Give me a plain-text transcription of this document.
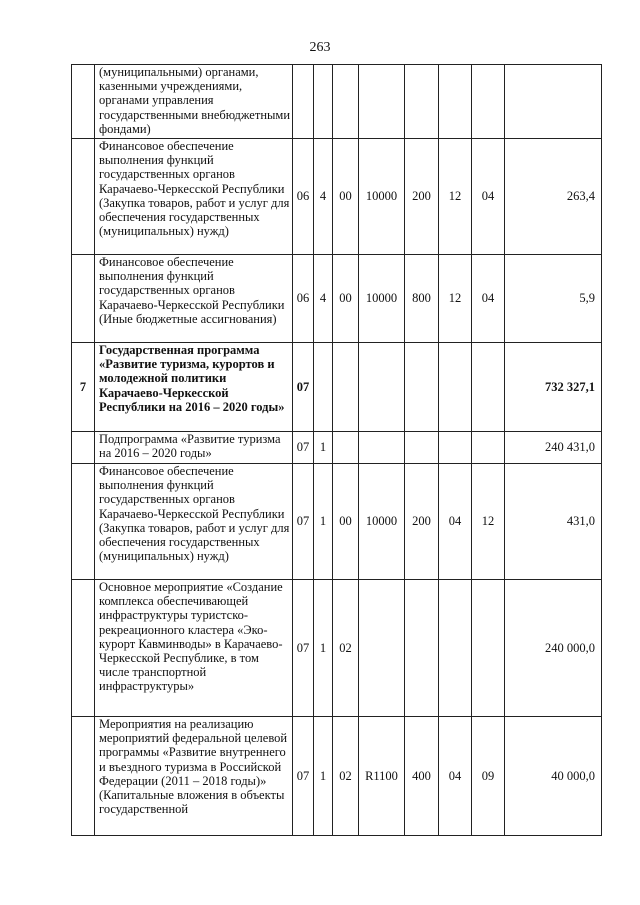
263
	(муниципальными) органами, казенными учреждениями, органами управления государственными внебюджетными фондами)								
	Финансовое обеспечение выполнения функций государственных органов Карачаево-Черкесской Республики (Закупка товаров, работ и услуг для обеспечения государственных (муниципальных) нужд)	06	4	00	10000	200	12	04	263,4
	Финансовое обеспечение выполнения функций государственных органов Карачаево-Черкесской Республики (Иные бюджетные ассигнования)	06	4	00	10000	800	12	04	5,9
7	Государственная программа «Развитие туризма, курортов и молодежной политики Карачаево-Черкесской Республики на 2016 – 2020 годы»	07							732 327,1
	Подпрограмма «Развитие туризма на 2016 – 2020 годы»	07	1						240 431,0
	Финансовое обеспечение выполнения функций государственных органов Карачаево-Черкесской Республики (Закупка товаров, работ и услуг для обеспечения государственных (муниципальных) нужд)	07	1	00	10000	200	04	12	431,0
	Основное мероприятие «Создание комплекса обеспечивающей инфраструктуры туристско-рекреационного кластера «Эко-курорт Кавминводы» в Карачаево-Черкесской Республике, в том числе транспортной инфраструктуры»	07	1	02					240 000,0
	Мероприятия на реализацию мероприятий федеральной целевой программы «Развитие внутреннего и въездного туризма в Российской Федерации (2011 – 2018 годы)» (Капитальные вложения в объекты государственной	07	1	02	R1100	400	04	09	40 000,0
